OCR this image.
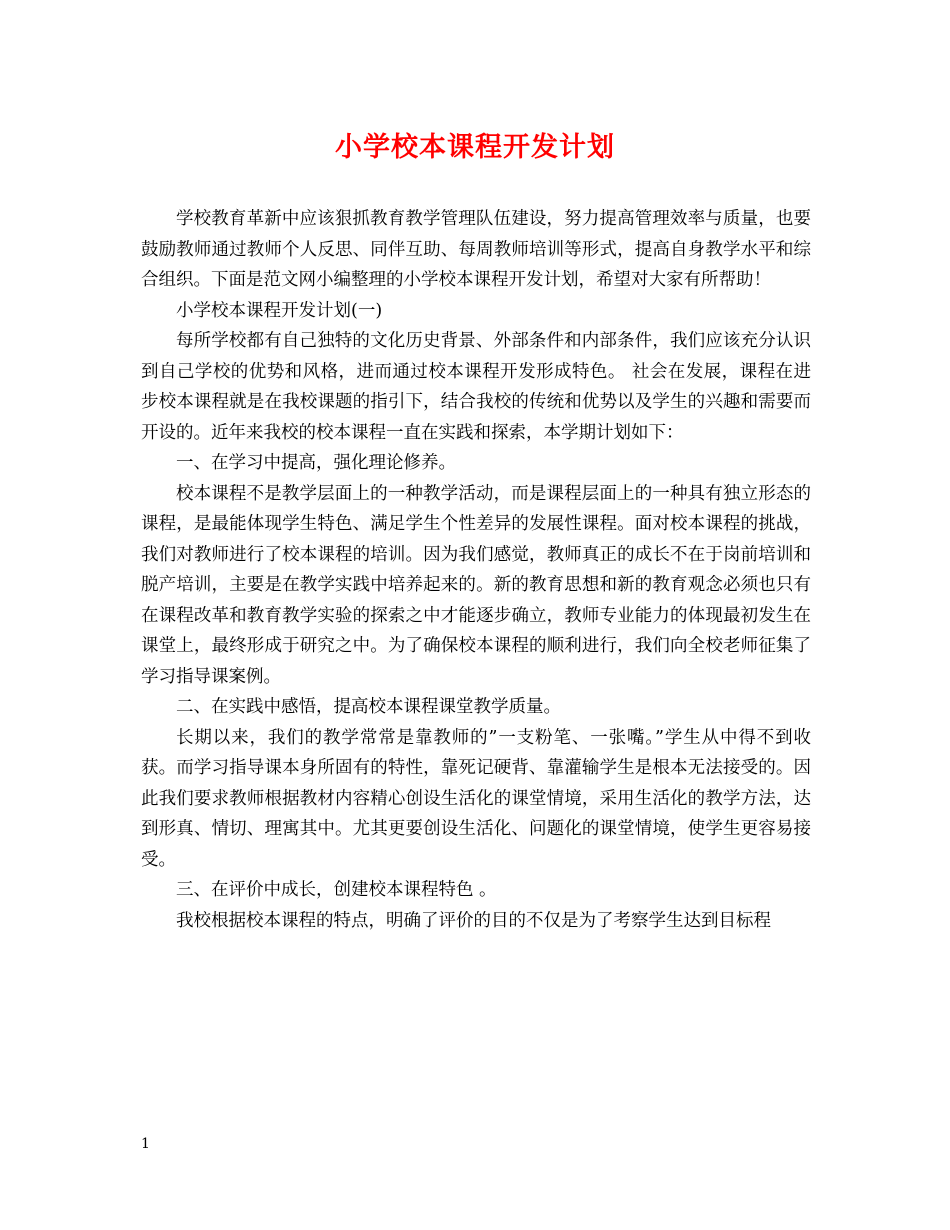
小学校本课程开发计划

学校教育革新中应该狠抓教育教学管理队伍建设，努力提高管理效率与质量，也要鼓励教师通过教师个人反思、同伴互助、每周教师培训等形式，提高自身教学水平和综合组织。下面是范文网小编整理的小学校本课程开发计划，希望对大家有所帮助！

小学校本课程开发计划(一)

每所学校都有自己独特的文化历史背景、外部条件和内部条件，我们应该充分认识到自己学校的优势和风格，进而通过校本课程开发形成特色。 社会在发展，课程在进步校本课程就是在我校课题的指引下，结合我校的传统和优势以及学生的兴趣和需要而开设的。近年来我校的校本课程一直在实践和探索，本学期计划如下：

一、在学习中提高，强化理论修养。

校本课程不是教学层面上的一种教学活动，而是课程层面上的一种具有独立形态的课程，是最能体现学生特色、满足学生个性差异的发展性课程。面对校本课程的挑战，我们对教师进行了校本课程的培训。因为我们感觉，教师真正的成长不在于岗前培训和脱产培训，主要是在教学实践中培养起来的。新的教育思想和新的教育观念必须也只有在课程改革和教育教学实验的探索之中才能逐步确立，教师专业能力的体现最初发生在课堂上，最终形成于研究之中。为了确保校本课程的顺利进行，我们向全校老师征集了学习指导课案例。

二、在实践中感悟，提高校本课程课堂教学质量。

长期以来，我们的教学常常是靠教师的”一支粉笔、一张嘴。”学生从中得不到收获。而学习指导课本身所固有的特性，靠死记硬背、靠灌输学生是根本无法接受的。因此我们要求教师根据教材内容精心创设生活化的课堂情境，采用生活化的教学方法，达到形真、情切、理寓其中。尤其更要创设生活化、问题化的课堂情境，使学生更容易接受。

三、在评价中成长，创建校本课程特色 。

我校根据校本课程的特点，明确了评价的目的不仅是为了考察学生达到目标程

1
